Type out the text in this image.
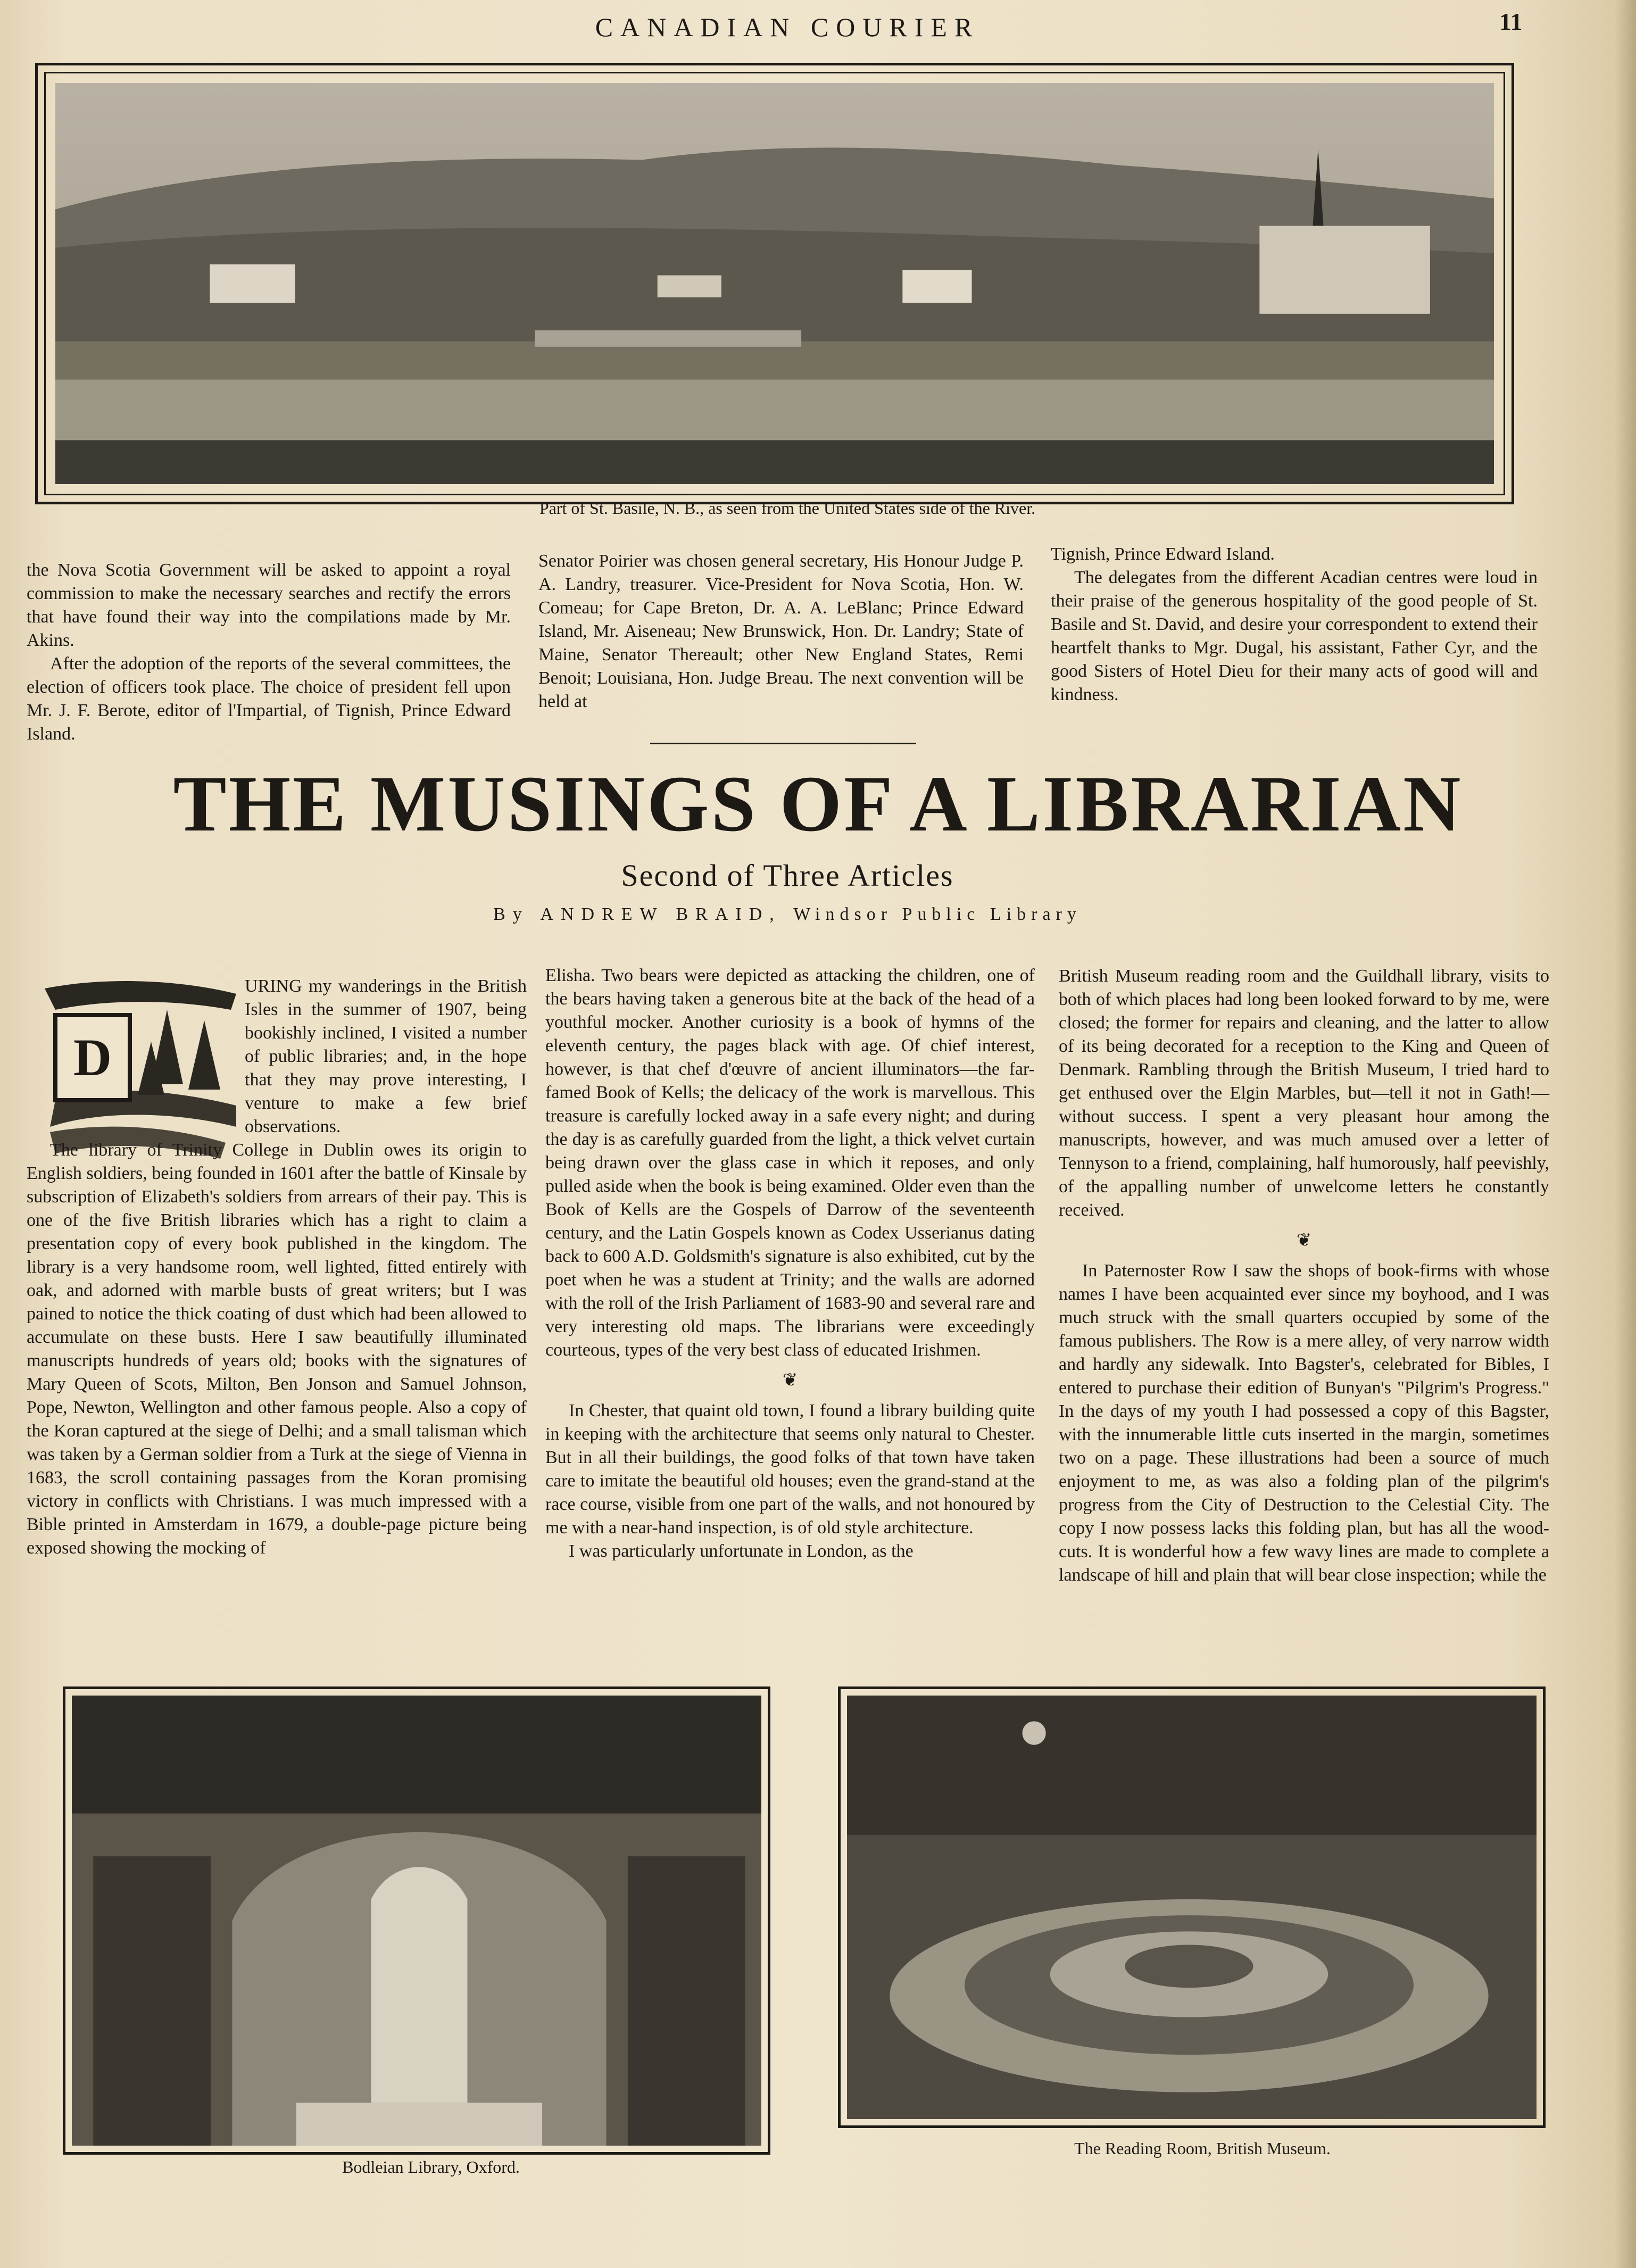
CANADIAN COURIER	11
Part of St. Basile, N. B., as seen from the United States side of the River.

the Nova Scotia Government will be asked to appoint a royal commission to make the necessary searches and rectify the errors that have found their way into the compilations made by Mr. Akins.

After the adoption of the reports of the several committees, the election of officers took place. The choice of president fell upon Mr. J. F. Berote, editor of l'Impartial, of Tignish, Prince Edward Island.

Senator Poirier was chosen general secretary, His Honour Judge P. A. Landry, treasurer. Vice-President for Nova Scotia, Hon. W. Comeau; for Cape Breton, Dr. A. A. LeBlanc; Prince Edward Island, Mr. Aiseneau; New Brunswick, Hon. Dr. Landry; State of Maine, Senator Thereault; other New England States, Remi Benoit; Louisiana, Hon. Judge Breau. The next convention will be held at

Tignish, Prince Edward Island.

The delegates from the different Acadian centres were loud in their praise of the generous hospitality of the good people of St. Basile and St. David, and desire your correspondent to extend their heartfelt thanks to Mgr. Dugal, his assistant, Father Cyr, and the good Sisters of Hotel Dieu for their many acts of good will and kindness.

THE MUSINGS OF A LIBRARIAN
Second of Three Articles
By ANDREW BRAID, Windsor Public Library
D

URING my wanderings in the British Isles in the summer of 1907, being bookishly inclined, I visited a number of public libraries; and, in the hope that they may prove interesting, I venture to make a few brief observations.

The library of Trinity College in Dublin owes its origin to English soldiers, being founded in 1601 after the battle of Kinsale by subscription of Elizabeth's soldiers from arrears of their pay. This is one of the five British libraries which has a right to claim a presentation copy of every book published in the kingdom. The library is a very handsome room, well lighted, fitted entirely with oak, and adorned with marble busts of great writers; but I was pained to notice the thick coating of dust which had been allowed to accumulate on these busts. Here I saw beautifully illuminated manuscripts hundreds of years old; books with the signatures of Mary Queen of Scots, Milton, Ben Jonson and Samuel Johnson, Pope, Newton, Wellington and other famous people. Also a copy of the Koran captured at the siege of Delhi; and a small talisman which was taken by a German soldier from a Turk at the siege of Vienna in 1683, the scroll containing passages from the Koran promising victory in conflicts with Christians. I was much impressed with a Bible printed in Amsterdam in 1679, a double-page picture being exposed showing the mocking of

Elisha. Two bears were depicted as attacking the children, one of the bears having taken a generous bite at the back of the head of a youthful mocker. Another curiosity is a book of hymns of the eleventh century, the pages black with age. Of chief interest, however, is that chef d'œuvre of ancient illuminators—the far-famed Book of Kells; the delicacy of the work is marvellous. This treasure is carefully locked away in a safe every night; and during the day is as carefully guarded from the light, a thick velvet curtain being drawn over the glass case in which it reposes, and only pulled aside when the book is being examined. Older even than the Book of Kells are the Gospels of Darrow of the seventeenth century, and the Latin Gospels known as Codex Usserianus dating back to 600 A.D. Goldsmith's signature is also exhibited, cut by the poet when he was a student at Trinity; and the walls are adorned with the roll of the Irish Parliament of 1683-90 and several rare and very interesting old maps. The librarians were exceedingly courteous, types of the very best class of educated Irishmen.

❦

In Chester, that quaint old town, I found a library building quite in keeping with the architecture that seems only natural to Chester. But in all their buildings, the good folks of that town have taken care to imitate the beautiful old houses; even the grand-stand at the race course, visible from one part of the walls, and not honoured by me with a near-hand inspection, is of old style architecture.

I was particularly unfortunate in London, as the

British Museum reading room and the Guildhall library, visits to both of which places had long been looked forward to by me, were closed; the former for repairs and cleaning, and the latter to allow of its being decorated for a reception to the King and Queen of Denmark. Rambling through the British Museum, I tried hard to get enthused over the Elgin Marbles, but—tell it not in Gath!—without success. I spent a very pleasant hour among the manuscripts, however, and was much amused over a letter of Tennyson to a friend, complaining, half humorously, half peevishly, of the appalling number of unwelcome letters he constantly received.

❦

In Paternoster Row I saw the shops of book-firms with whose names I have been acquainted ever since my boyhood, and I was much struck with the small quarters occupied by some of the famous publishers. The Row is a mere alley, of very narrow width and hardly any sidewalk. Into Bagster's, celebrated for Bibles, I entered to purchase their edition of Bunyan's "Pilgrim's Progress." In the days of my youth I had possessed a copy of this Bagster, with the innumerable little cuts inserted in the margin, sometimes two on a page. These illustrations had been a source of much enjoyment to me, as was also a folding plan of the pilgrim's progress from the City of Destruction to the Celestial City. The copy I now possess lacks this folding plan, but has all the wood-cuts. It is wonderful how a few wavy lines are made to complete a landscape of hill and plain that will bear close inspection; while the

Bodleian Library, Oxford.
The Reading Room, British Museum.
